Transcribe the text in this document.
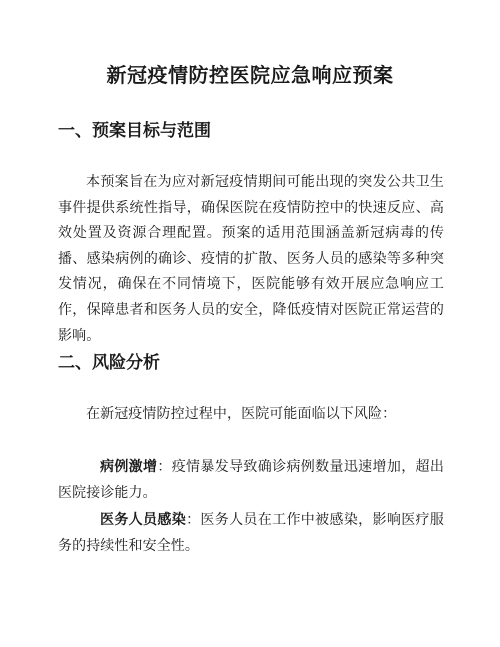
新冠疫情防控医院应急响应预案
一、预案目标与范围

本预案旨在为应对新冠疫情期间可能出现的突发公共卫生事件提供系统性指导，确保医院在疫情防控中的快速反应、高效处置及资源合理配置。预案的适用范围涵盖新冠病毒的传播、感染病例的确诊、疫情的扩散、医务人员的感染等多种突发情况，确保在不同情境下，医院能够有效开展应急响应工作，保障患者和医务人员的安全，降低疫情对医院正常运营的影响。

二、风险分析

在新冠疫情防控过程中，医院可能面临以下风险：

病例激增：疫情暴发导致确诊病例数量迅速增加，超出医院接诊能力。

医务人员感染：医务人员在工作中被感染，影响医疗服务的持续性和安全性。
